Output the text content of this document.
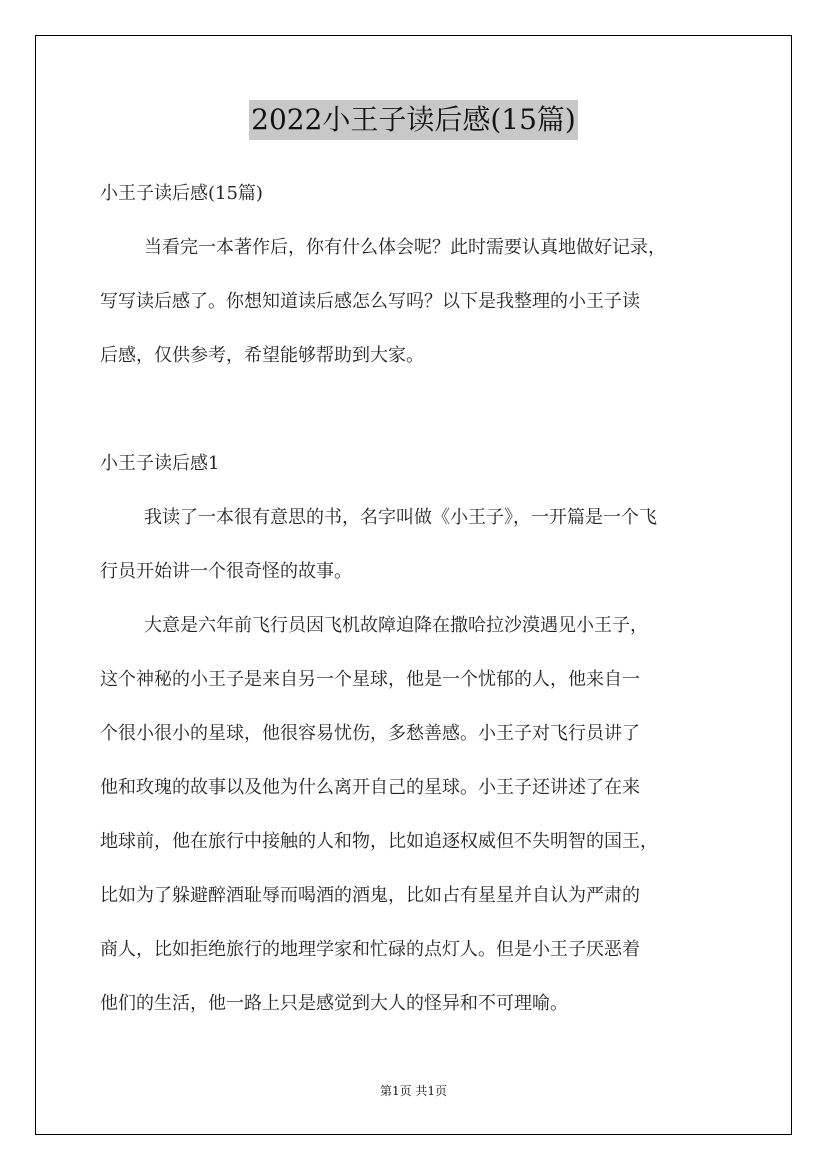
2022小王子读后感(15篇)
小王子读后感(15篇)
当看完一本著作后，你有什么体会呢？此时需要认真地做好记录，
写写读后感了。你想知道读后感怎么写吗？以下是我整理的小王子读
后感，仅供参考，希望能够帮助到大家。
小王子读后感1
我读了一本很有意思的书，名字叫做《小王子》，一开篇是一个飞
行员开始讲一个很奇怪的故事。
大意是六年前飞行员因飞机故障迫降在撒哈拉沙漠遇见小王子，
这个神秘的小王子是来自另一个星球，他是一个忧郁的人，他来自一
个很小很小的星球，他很容易忧伤，多愁善感。小王子对飞行员讲了
他和玫瑰的故事以及他为什么离开自己的星球。小王子还讲述了在来
地球前，他在旅行中接触的人和物，比如追逐权威但不失明智的国王，
比如为了躲避醉酒耻辱而喝酒的酒鬼，比如占有星星并自认为严肃的
商人，比如拒绝旅行的地理学家和忙碌的点灯人。但是小王子厌恶着
他们的生活，他一路上只是感觉到大人的怪异和不可理喻。
第1页 共1页
